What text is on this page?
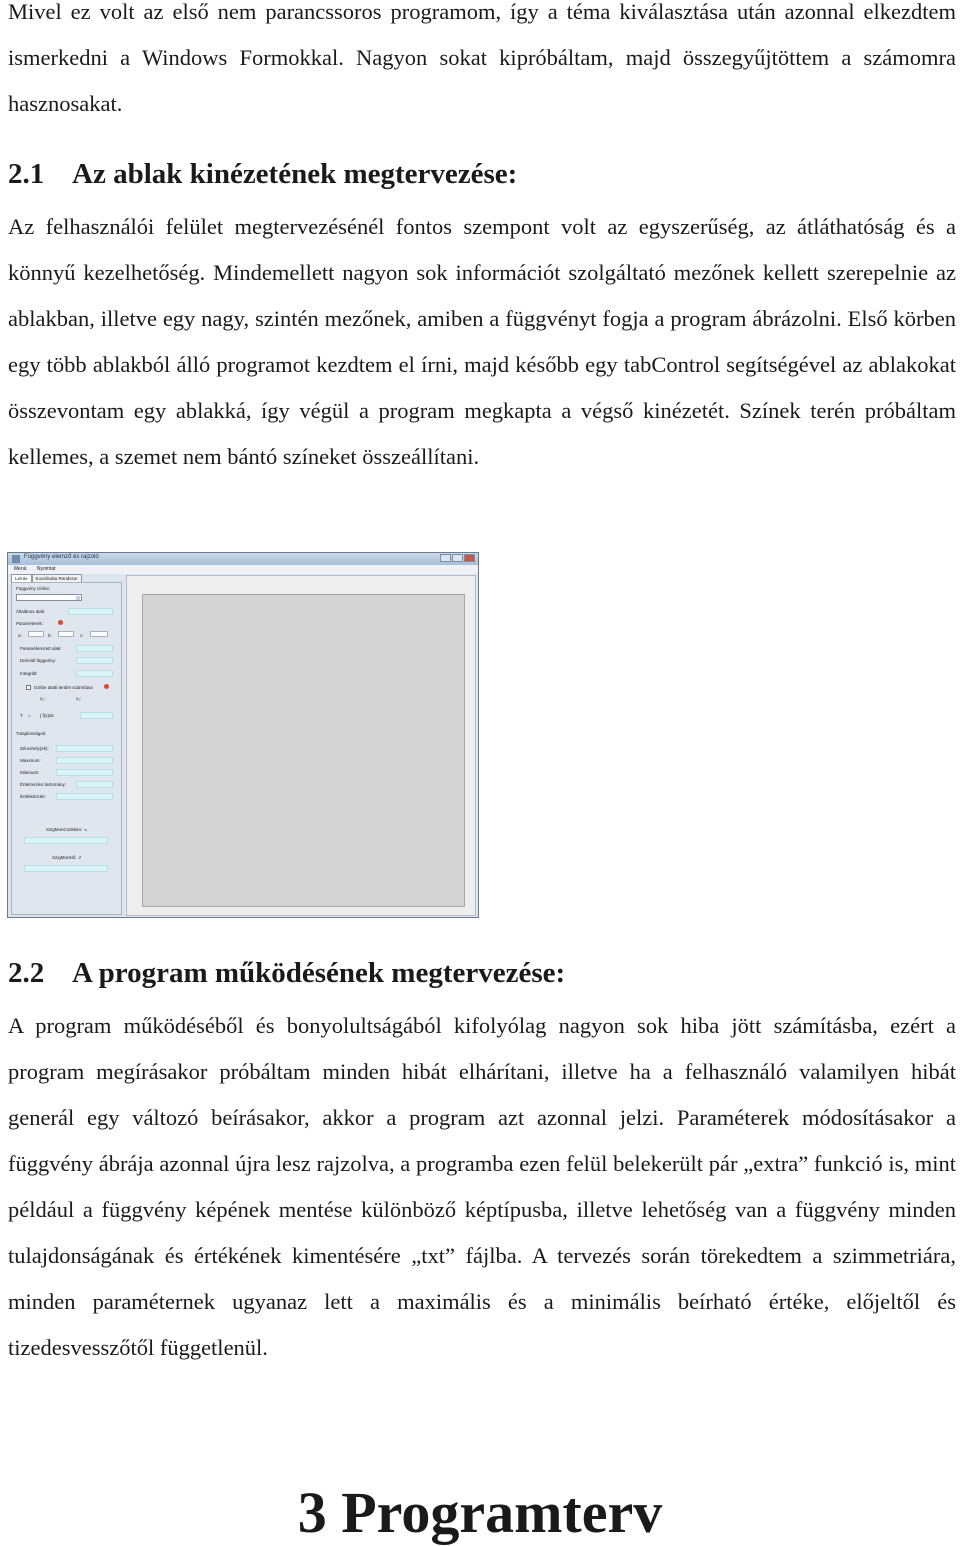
Mivel ez volt az első nem parancssoros programom, így a téma kiválasztása után azonnal elkezdtem ismerkedni a Windows Formokkal. Nagyon sokat kipróbáltam, majd összegyűjtöttem a számomra hasznosakat.

2.1 Az ablak kinézetének megtervezése:

Az felhasználói felület megtervezésénél fontos szempont volt az egyszerűség, az átláthatóság és a könnyű kezelhetőség. Mindemellett nagyon sok információt szolgáltató mezőnek kellett szerepelnie az ablakban, illetve egy nagy, szintén mezőnek, amiben a függvényt fogja a program ábrázolni. Első körben egy több ablakból álló programot kezdtem el írni, majd később egy tabControl segítségével az ablakokat összevontam egy ablakká, így végül a program megkapta a végső kinézetét. Színek terén próbáltam kellemes, a szemet nem bántó színeket összeállítani.

Függvény elemző és rajzoló
Menü Nyomtat
Leírás	Koordináta Rendszer
Függvény címke:
Általános alak:
Paraméterek:
a:	b:	c:
Paraméterezett alak:
Derivált függvény:
Integrált:
Görbe alatti terület számítása
x₁:	x₂:
T = ∫ f(x)dx
Tulajdonságok:
Zérushely(ek):
Maximum:
Minimum:
Értelmezési tartomány:
Értékkészlet:
SzigMonCsökken: ↘
SzigMonNő: ↗
2.2 A program működésének megtervezése:

A program működéséből és bonyolultságából kifolyólag nagyon sok hiba jött számításba, ezért a program megírásakor próbáltam minden hibát elhárítani, illetve ha a felhasználó valamilyen hibát generál egy változó beírásakor, akkor a program azt azonnal jelzi. Paraméterek módosításakor a függvény ábrája azonnal újra lesz rajzolva, a programba ezen felül belekerült pár „extra” funkció is, mint például a függvény képének mentése különböző képtípusba, illetve lehetőség van a függvény minden tulajdonságának és értékének kimentésére „txt” fájlba. A tervezés során törekedtem a szimmetriára, minden paraméternek ugyanaz lett a maximális és a minimális beírható értéke, előjeltől és tizedesvesszőtől függetlenül.

3 Programterv
